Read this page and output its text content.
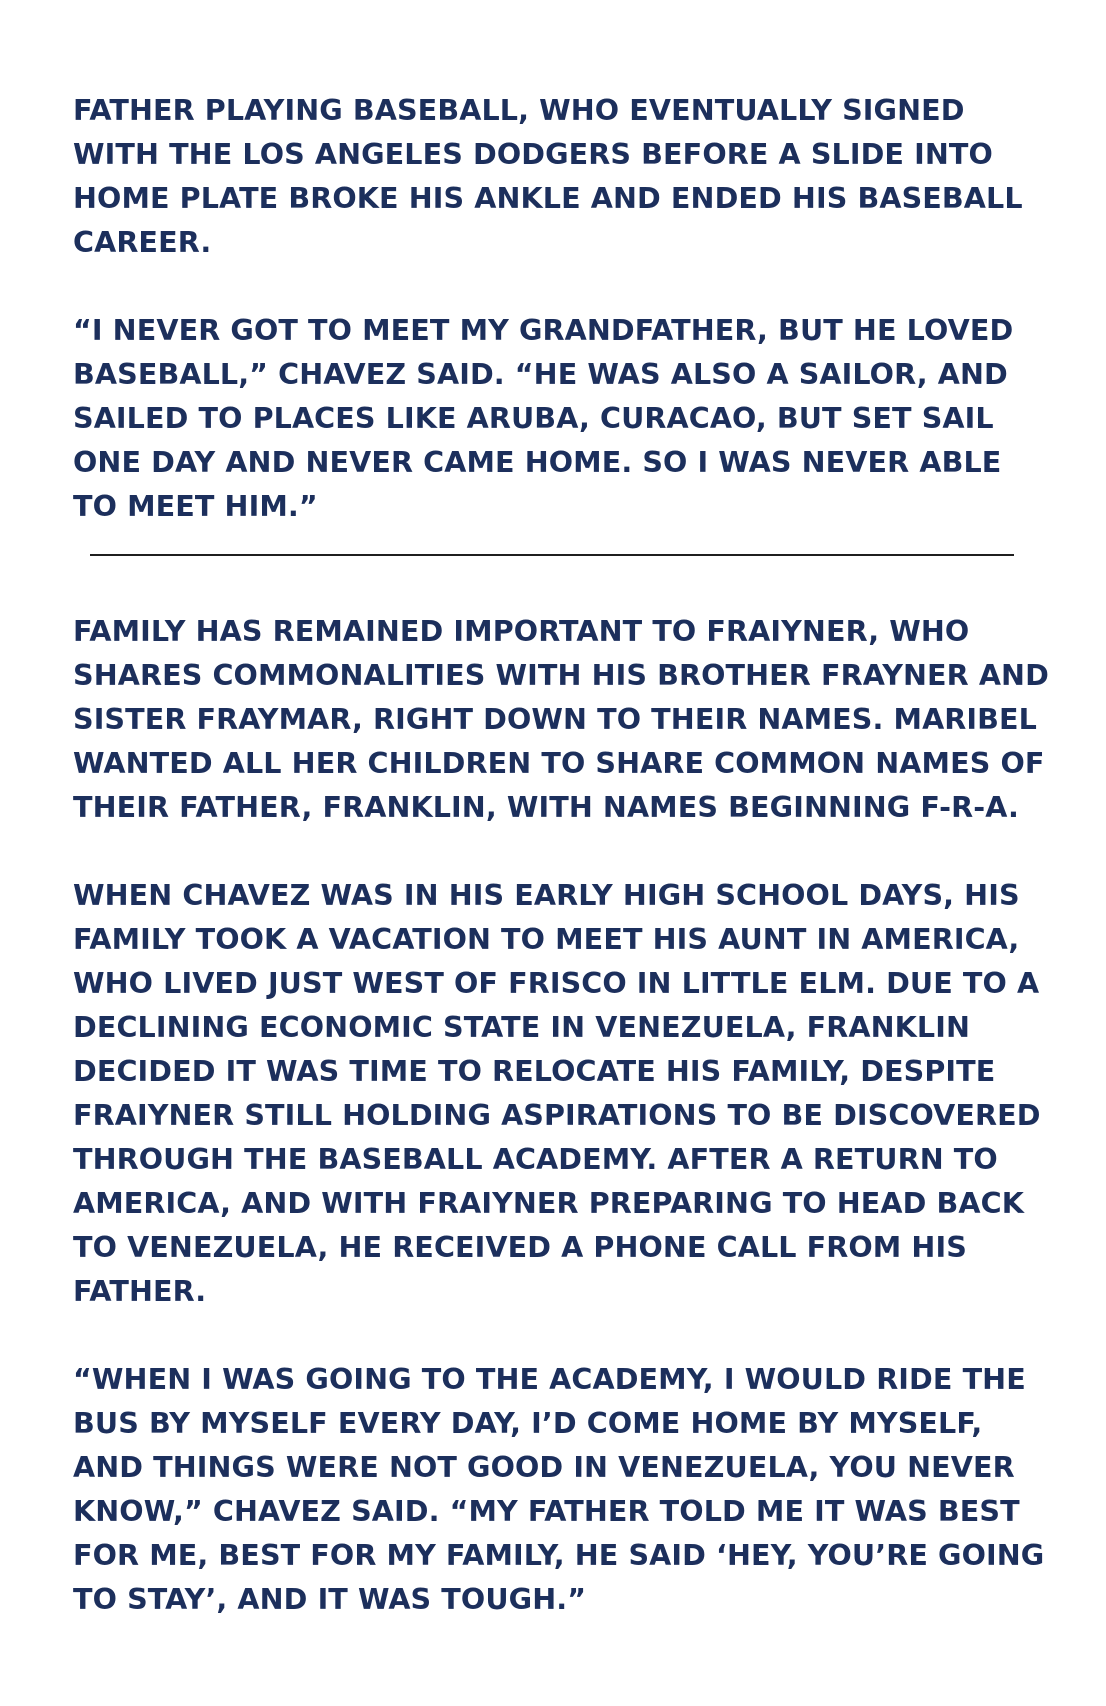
FATHER PLAYING BASEBALL, WHO EVENTUALLY SIGNED WITH THE LOS ANGELES DODGERS BEFORE A SLIDE INTO HOME PLATE BROKE HIS ANKLE AND ENDED HIS BASEBALL CAREER.

“I NEVER GOT TO MEET MY GRANDFATHER, BUT HE LOVED BASEBALL,” CHAVEZ SAID. “HE WAS ALSO A SAILOR, AND SAILED TO PLACES LIKE ARUBA, CURACAO, BUT SET SAIL ONE DAY AND NEVER CAME HOME. SO I WAS NEVER ABLE TO MEET HIM.”

FAMILY HAS REMAINED IMPORTANT TO FRAIYNER, WHO SHARES COMMONALITIES WITH HIS BROTHER FRAYNER AND SISTER FRAYMAR, RIGHT DOWN TO THEIR NAMES. MARIBEL WANTED ALL HER CHILDREN TO SHARE COMMON NAMES OF THEIR FATHER, FRANKLIN, WITH NAMES BEGINNING F-R-A.

WHEN CHAVEZ WAS IN HIS EARLY HIGH SCHOOL DAYS, HIS FAMILY TOOK A VACATION TO MEET HIS AUNT IN AMERICA, WHO LIVED JUST WEST OF FRISCO IN LITTLE ELM. DUE TO A DECLINING ECONOMIC STATE IN VENEZUELA, FRANKLIN DECIDED IT WAS TIME TO RELOCATE HIS FAMILY, DESPITE FRAIYNER STILL HOLDING ASPIRATIONS TO BE DISCOVERED THROUGH THE BASEBALL ACADEMY. AFTER A RETURN TO AMERICA, AND WITH FRAIYNER PREPARING TO HEAD BACK TO VENEZUELA, HE RECEIVED A PHONE CALL FROM HIS FATHER.

“WHEN I WAS GOING TO THE ACADEMY, I WOULD RIDE THE BUS BY MYSELF EVERY DAY, I’D COME HOME BY MYSELF, AND THINGS WERE NOT GOOD IN VENEZUELA, YOU NEVER KNOW,” CHAVEZ SAID. “MY FATHER TOLD ME IT WAS BEST FOR ME, BEST FOR MY FAMILY, HE SAID ‘HEY, YOU’RE GOING TO STAY’, AND IT WAS TOUGH.”
